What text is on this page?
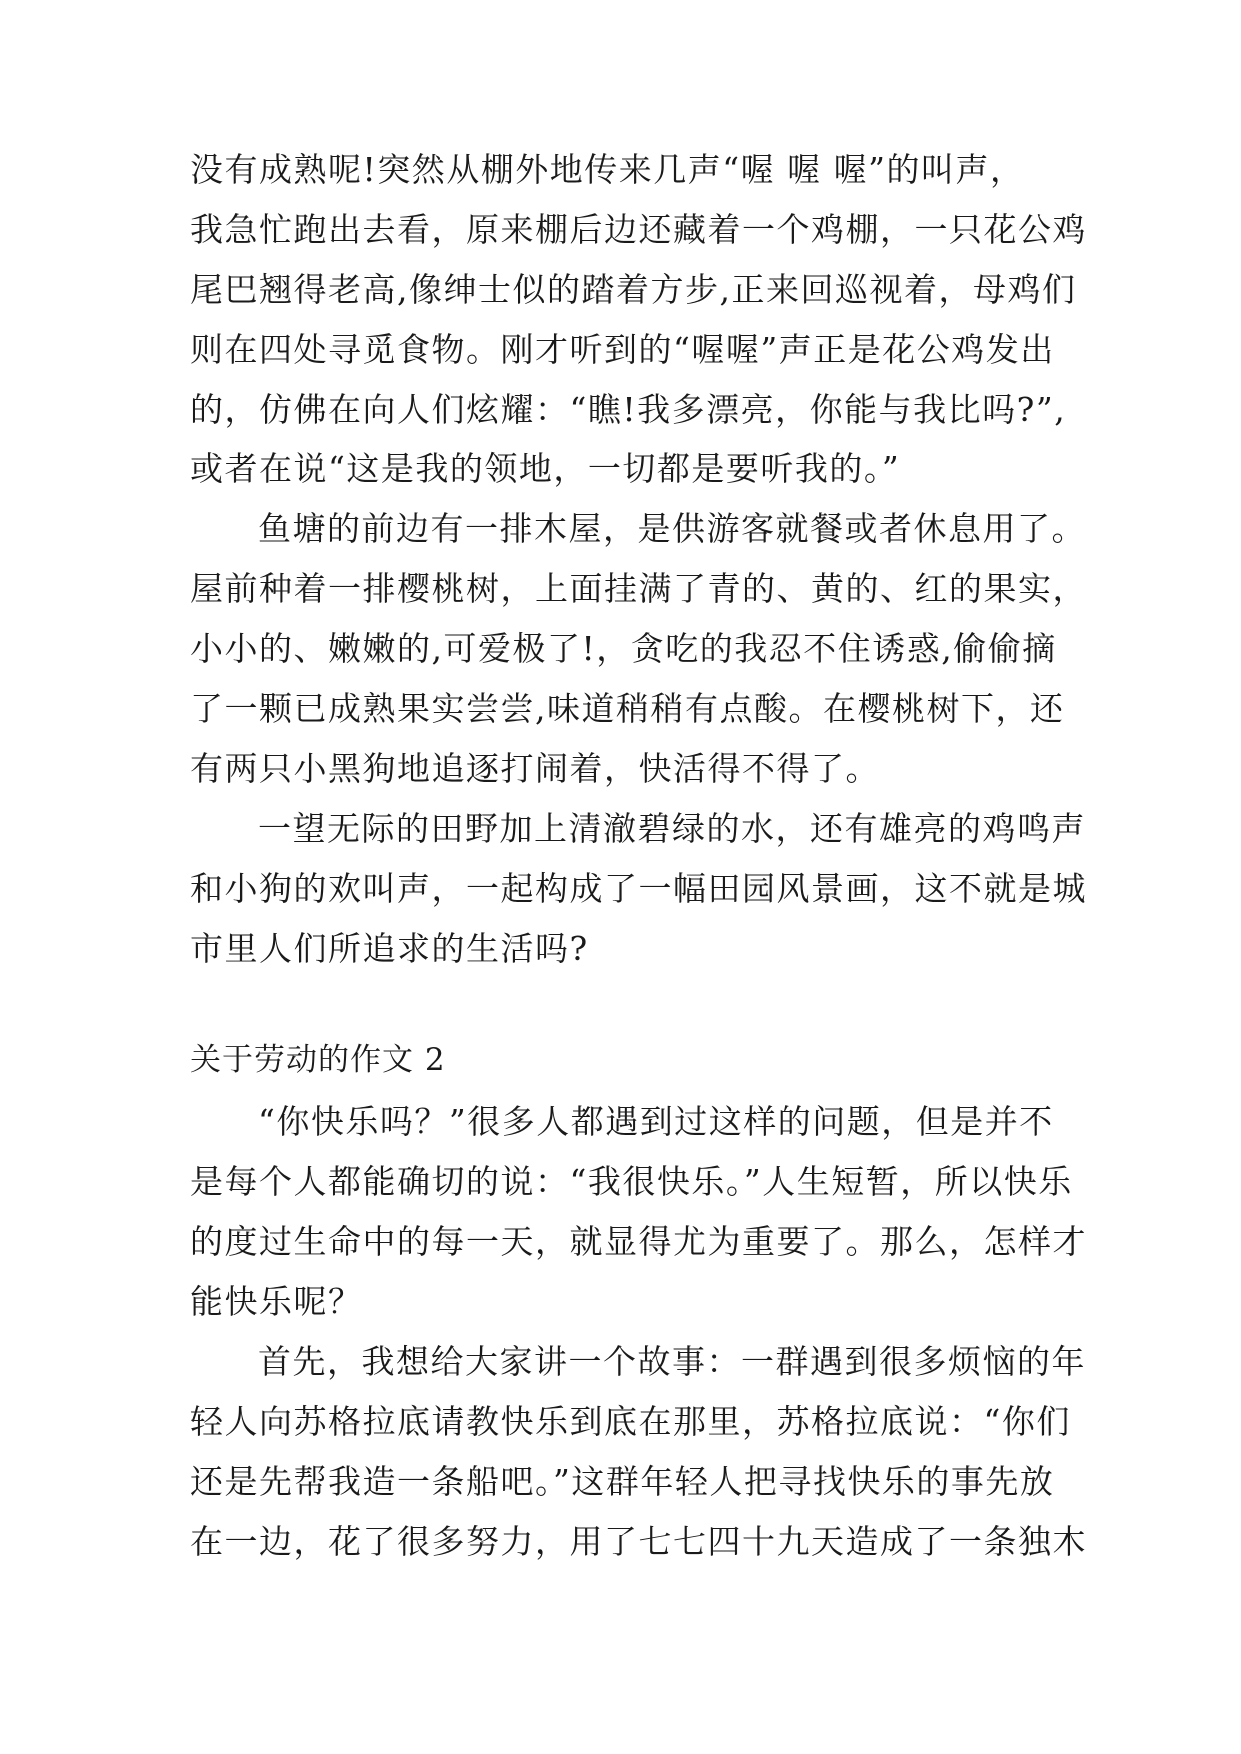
没有成熟呢!突然从棚外地传来几声“喔 喔 喔”的叫声，
我急忙跑出去看，原来棚后边还藏着一个鸡棚，一只花公鸡
尾巴翘得老高,像绅士似的踏着方步,正来回巡视着，母鸡们
则在四处寻觅食物。刚才听到的“喔喔”声正是花公鸡发出
的，仿佛在向人们炫耀：“瞧!我多漂亮，你能与我比吗?”,
或者在说“这是我的领地，一切都是要听我的。”
鱼塘的前边有一排木屋，是供游客就餐或者休息用了。
屋前种着一排樱桃树，上面挂满了青的、黄的、红的果实，
小小的、嫩嫩的,可爱极了!，贪吃的我忍不住诱惑,偷偷摘
了一颗已成熟果实尝尝,味道稍稍有点酸。在樱桃树下，还
有两只小黑狗地追逐打闹着，快活得不得了。
一望无际的田野加上清澈碧绿的水，还有雄亮的鸡鸣声
和小狗的欢叫声，一起构成了一幅田园风景画，这不就是城
市里人们所追求的生活吗?
关于劳动的作文 2
“你快乐吗？”很多人都遇到过这样的问题，但是并不
是每个人都能确切的说：“我很快乐。”人生短暂，所以快乐
的度过生命中的每一天，就显得尤为重要了。那么，怎样才
能快乐呢？
首先，我想给大家讲一个故事：一群遇到很多烦恼的年
轻人向苏格拉底请教快乐到底在那里，苏格拉底说：“你们
还是先帮我造一条船吧。”这群年轻人把寻找快乐的事先放
在一边，花了很多努力，用了七七四十九天造成了一条独木
